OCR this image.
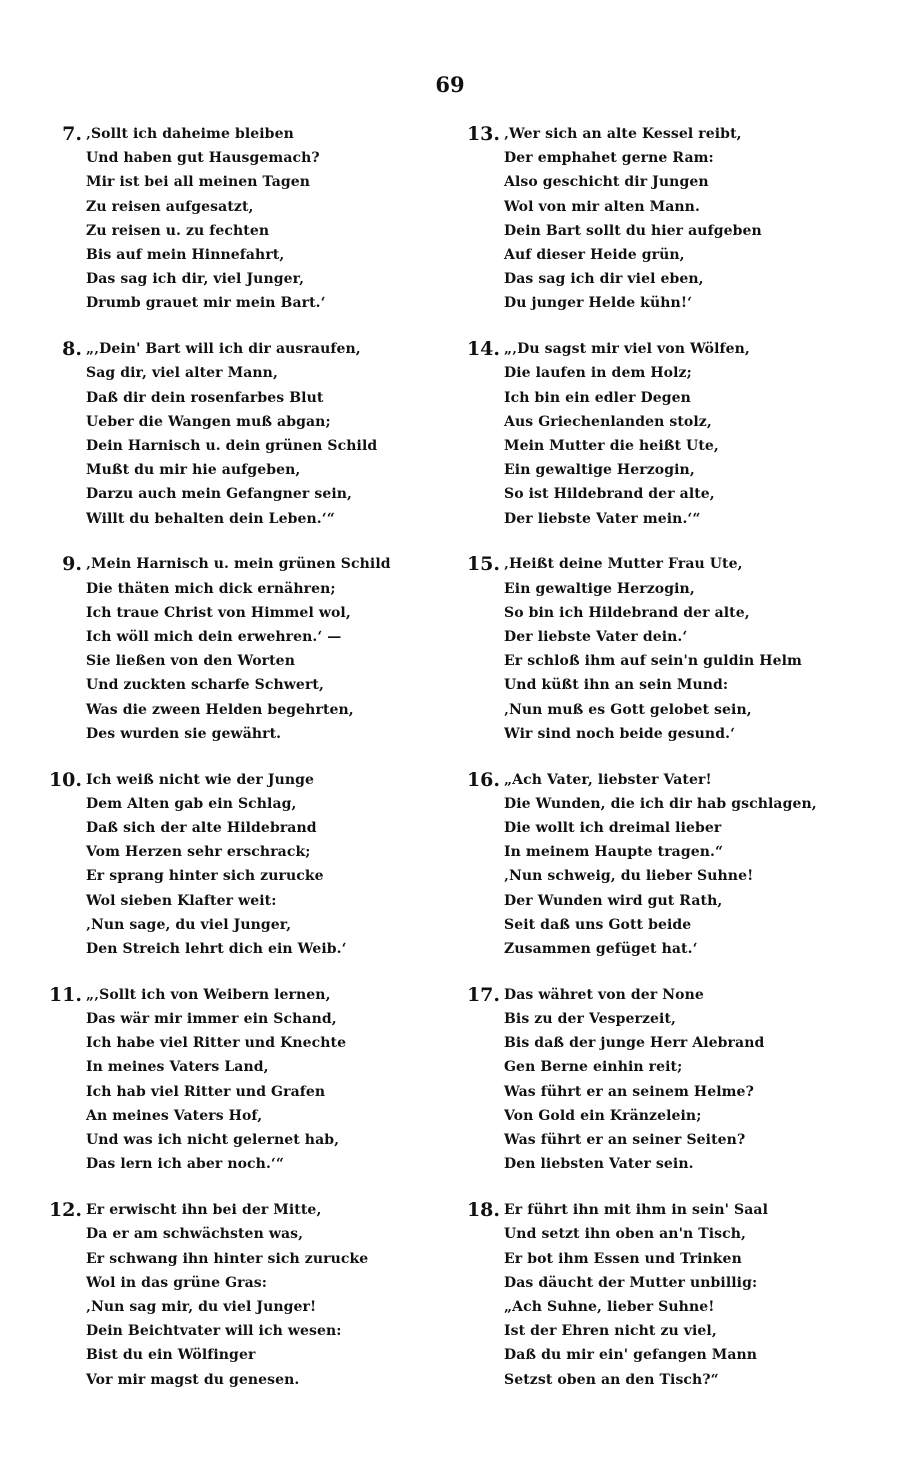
69
7. ‚Sollt ich daheime bleiben
Und haben gut Hausgemach?
Mir ist bei all meinen Tagen
Zu reisen aufgesatzt,
Zu reisen u. zu fechten
Bis auf mein Hinnefahrt,
Das sag ich dir, viel Junger,
Drumb grauet mir mein Bart.‘
8. „‚Dein' Bart will ich dir ausraufen,
Sag dir, viel alter Mann,
Daß dir dein rosenfarbes Blut
Ueber die Wangen muß abgan;
Dein Harnisch u. dein grünen Schild
Mußt du mir hie aufgeben,
Darzu auch mein Gefangner sein,
Willt du behalten dein Leben.‘“
9. ‚Mein Harnisch u. mein grünen Schild
Die thäten mich dick ernähren;
Ich traue Christ von Himmel wol,
Ich wöll mich dein erwehren.‘ —
Sie ließen von den Worten
Und zuckten scharfe Schwert,
Was die zween Helden begehrten,
Des wurden sie gewährt.
10. Ich weiß nicht wie der Junge
Dem Alten gab ein Schlag,
Daß sich der alte Hildebrand
Vom Herzen sehr erschrack;
Er sprang hinter sich zurucke
Wol sieben Klafter weit:
‚Nun sage, du viel Junger,
Den Streich lehrt dich ein Weib.‘
11. „‚Sollt ich von Weibern lernen,
Das wär mir immer ein Schand,
Ich habe viel Ritter und Knechte
In meines Vaters Land,
Ich hab viel Ritter und Grafen
An meines Vaters Hof,
Und was ich nicht gelernet hab,
Das lern ich aber noch.‘“
12. Er erwischt ihn bei der Mitte,
Da er am schwächsten was,
Er schwang ihn hinter sich zurucke
Wol in das grüne Gras:
‚Nun sag mir, du viel Junger!
Dein Beichtvater will ich wesen:
Bist du ein Wölfinger
Vor mir magst du genesen.
13. ‚Wer sich an alte Kessel reibt,
Der emphahet gerne Ram:
Also geschicht dir Jungen
Wol von mir alten Mann.
Dein Bart sollt du hier aufgeben
Auf dieser Heide grün,
Das sag ich dir viel eben,
Du junger Helde kühn!‘
14. „‚Du sagst mir viel von Wölfen,
Die laufen in dem Holz;
Ich bin ein edler Degen
Aus Griechenlanden stolz,
Mein Mutter die heißt Ute,
Ein gewaltige Herzogin,
So ist Hildebrand der alte,
Der liebste Vater mein.‘“
15. ‚Heißt deine Mutter Frau Ute,
Ein gewaltige Herzogin,
So bin ich Hildebrand der alte,
Der liebste Vater dein.‘
Er schloß ihm auf sein'n guldin Helm
Und küßt ihn an sein Mund:
‚Nun muß es Gott gelobet sein,
Wir sind noch beide gesund.‘
16. „Ach Vater, liebster Vater!
Die Wunden, die ich dir hab gschlagen,
Die wollt ich dreimal lieber
In meinem Haupte tragen.“
‚Nun schweig, du lieber Suhne!
Der Wunden wird gut Rath,
Seit daß uns Gott beide
Zusammen gefüget hat.‘
17. Das währet von der None
Bis zu der Vesperzeit,
Bis daß der junge Herr Alebrand
Gen Berne einhin reit;
Was führt er an seinem Helme?
Von Gold ein Kränzelein;
Was führt er an seiner Seiten?
Den liebsten Vater sein.
18. Er führt ihn mit ihm in sein' Saal
Und setzt ihn oben an'n Tisch,
Er bot ihm Essen und Trinken
Das däucht der Mutter unbillig:
„Ach Suhne, lieber Suhne!
Ist der Ehren nicht zu viel,
Daß du mir ein' gefangen Mann
Setzst oben an den Tisch?“
